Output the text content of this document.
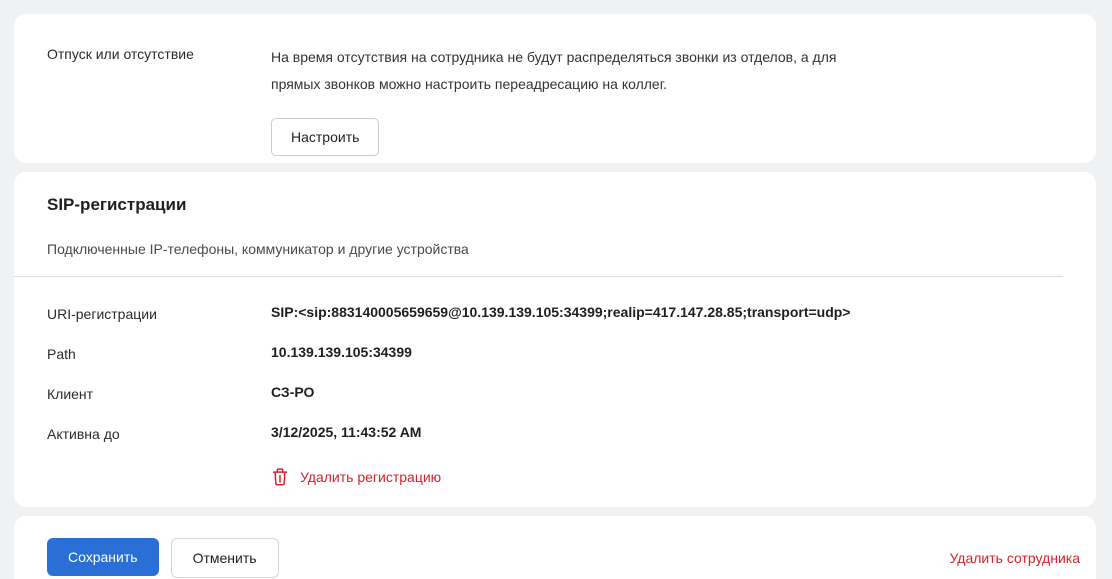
Отпуск или отсутствие	На время отсутствия на сотрудника не будут распределяться звонки из отделов, а для прямых звонков можно настроить переадресацию на коллег.
Настроить
SIP-регистрации
Подключенные IP-телефоны, коммуникатор и другие устройства
URI-регистрации	SIP:<sip:883140005659659@10.139.139.105:34399;realip=417.147.28.85;transport=udp>
Path	10.139.139.105:34399
Клиент	СЗ-РО
Активна до	3/12/2025, 11:43:52 AM
Удалить регистрацию
Сохранить	Отменить	Удалить сотрудника
